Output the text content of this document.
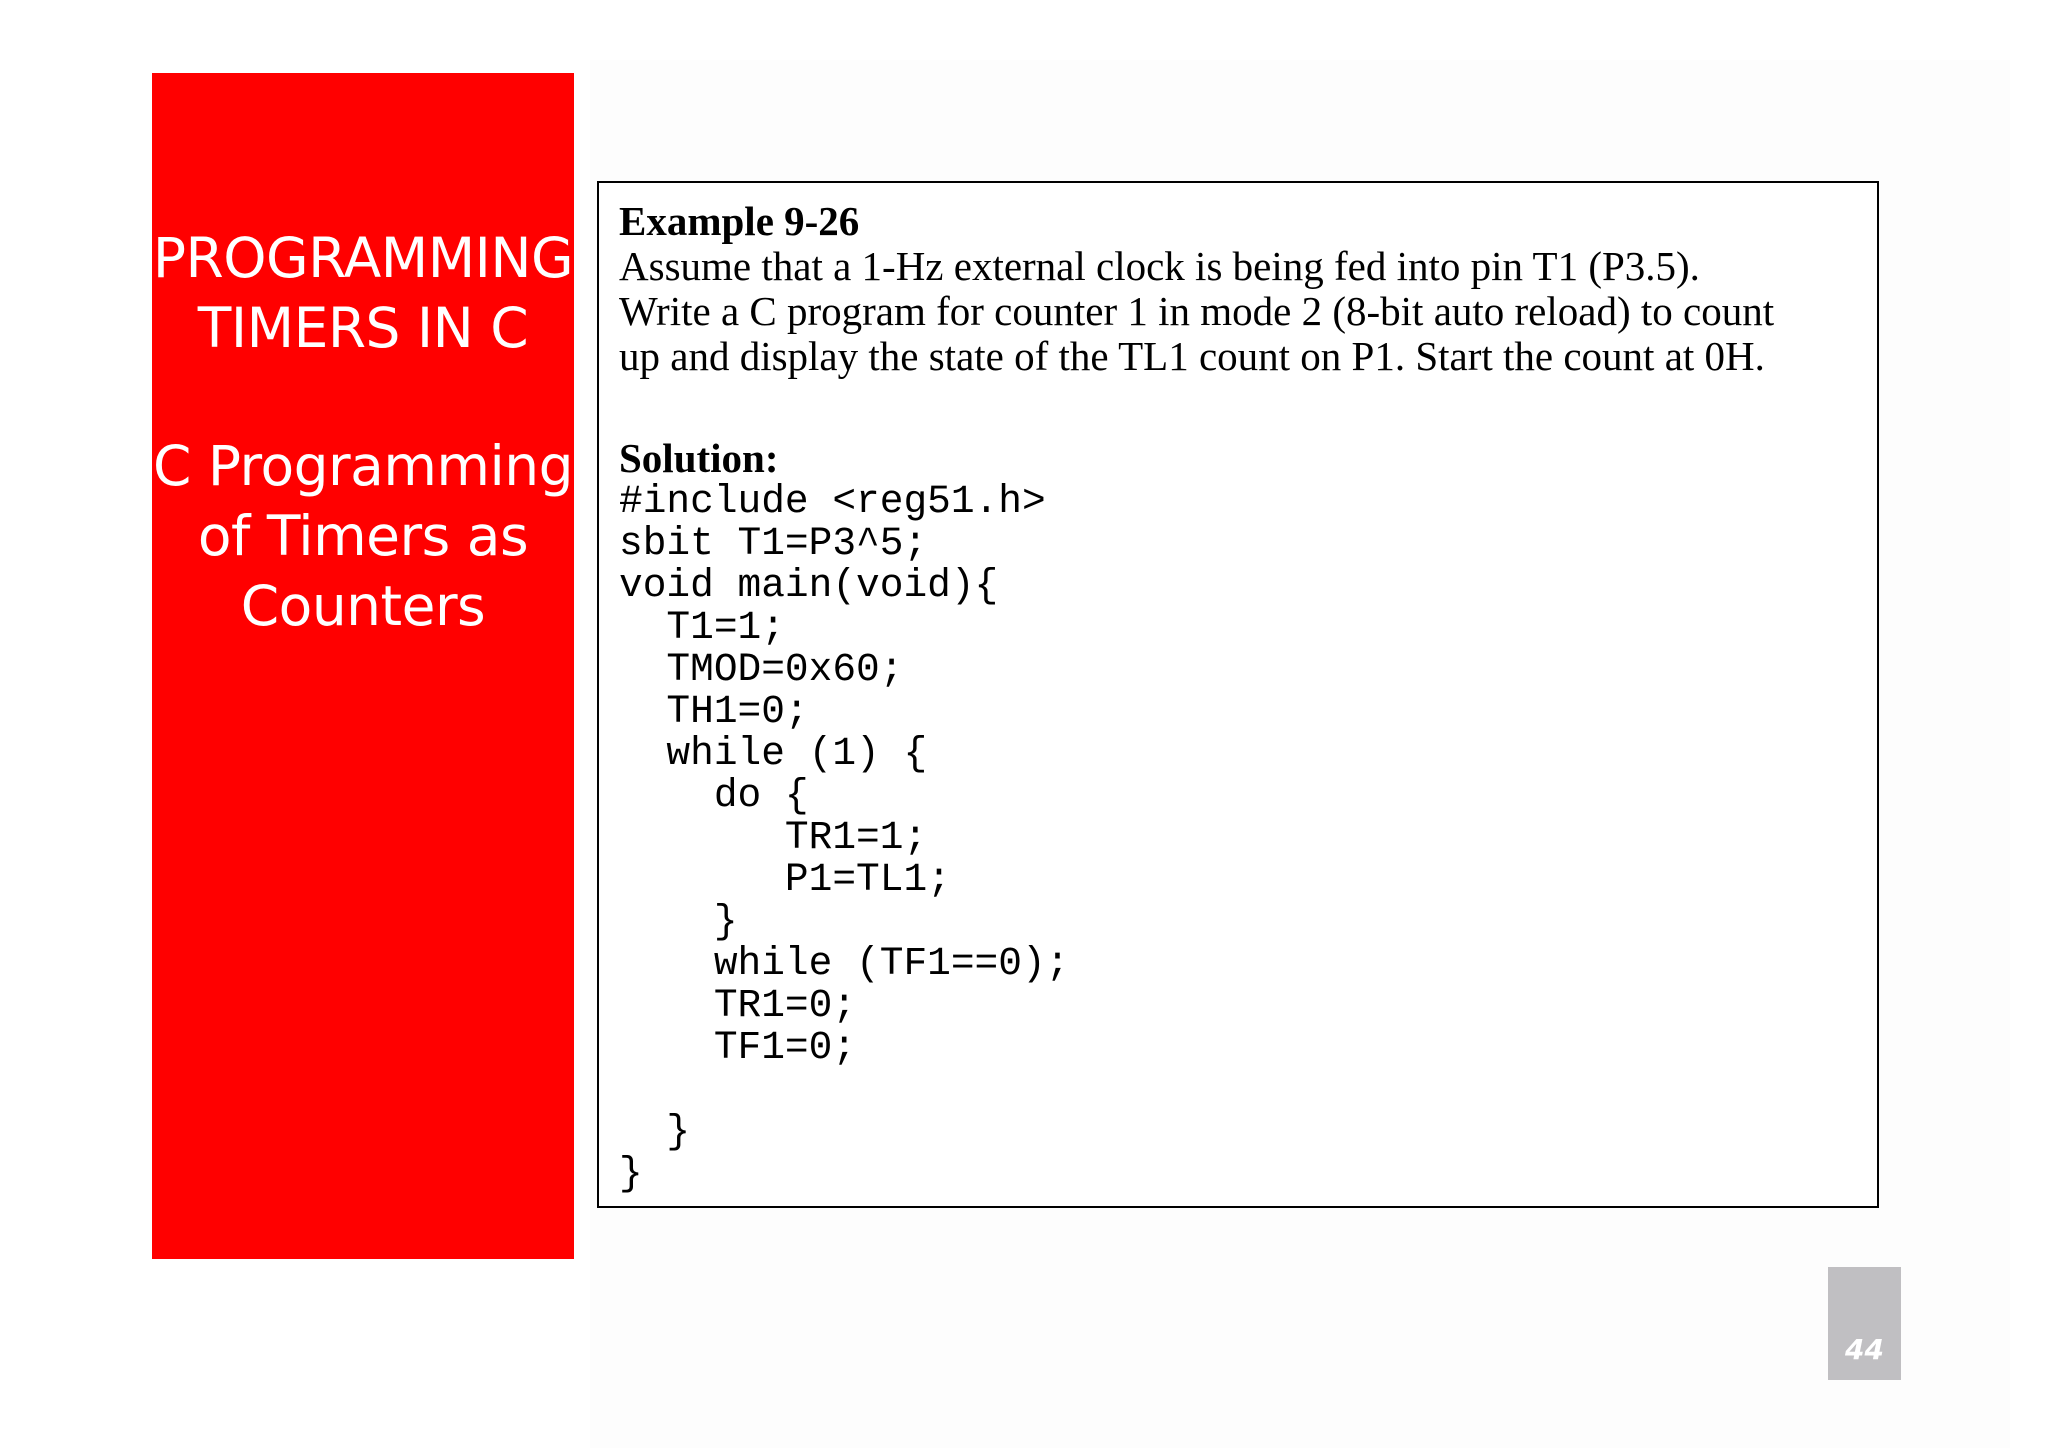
PROGRAMMING
TIMERS IN C
C Programming
of Timers as
Counters
Example 9-26
Assume that a 1-Hz external clock is being fed into pin T1 (P3.5).
Write a C program for counter 1 in mode 2 (8-bit auto reload) to count
up and display the state of the TL1 count on P1. Start the count at 0H.
Solution:
#include <reg51.h>
sbit T1=P3^5;
void main(void){
T1=1;
TMOD=0x60;
TH1=0;
while (1) {
do {
TR1=1;
P1=TL1;
}
while (TF1==0);
TR1=0;
TF1=0;

}
}
44
